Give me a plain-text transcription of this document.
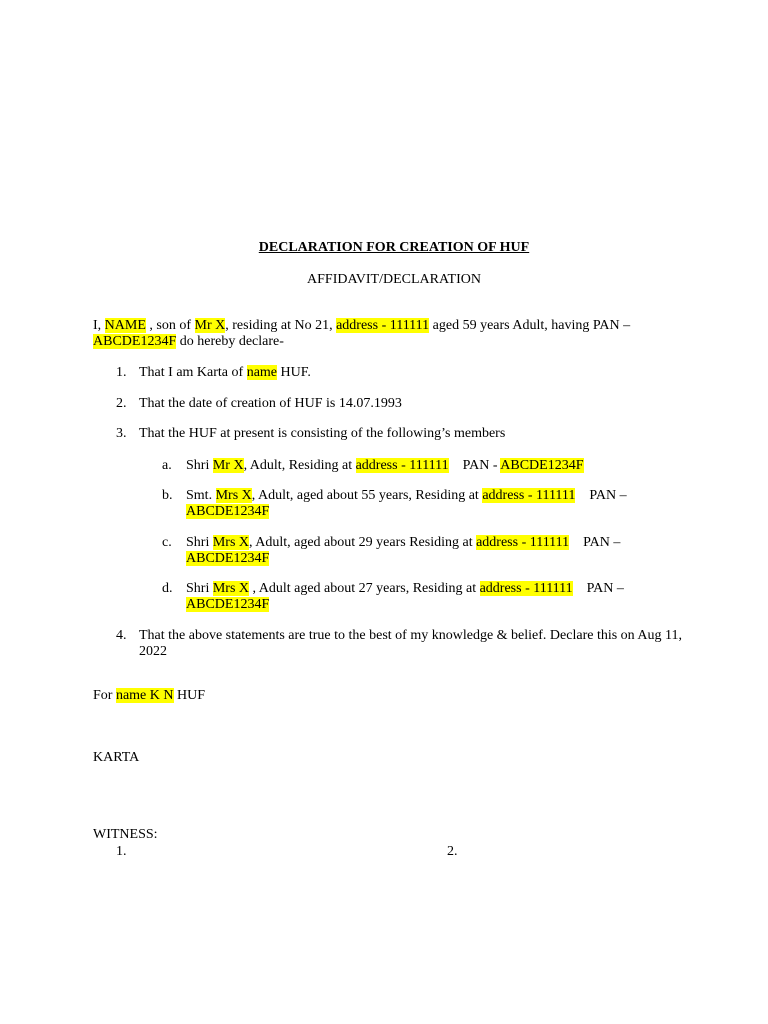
DECLARATION FOR CREATION OF HUF
AFFIDAVIT/DECLARATION
I, NAME , son of Mr X, residing at No 21, address - 111111 aged 59 years Adult, having PAN – ABCDE1234F do hereby declare-
1. That I am Karta of name HUF.
2. That the date of creation of HUF is 14.07.1993
3. That the HUF at present is consisting of the following’s members
a. Shri Mr X, Adult, Residing at address - 111111 PAN - ABCDE1234F
b. Smt. Mrs X, Adult, aged about 55 years, Residing at address - 111111 PAN –
ABCDE1234F
c. Shri Mrs X, Adult, aged about 29 years Residing at address - 111111 PAN –
ABCDE1234F
d. Shri Mrs X , Adult aged about 27 years, Residing at address - 111111 PAN –
ABCDE1234F
4. That the above statements are true to the best of my knowledge & belief. Declare this on Aug 11, 2022
For name K N HUF
KARTA
WITNESS:
1.	2.
